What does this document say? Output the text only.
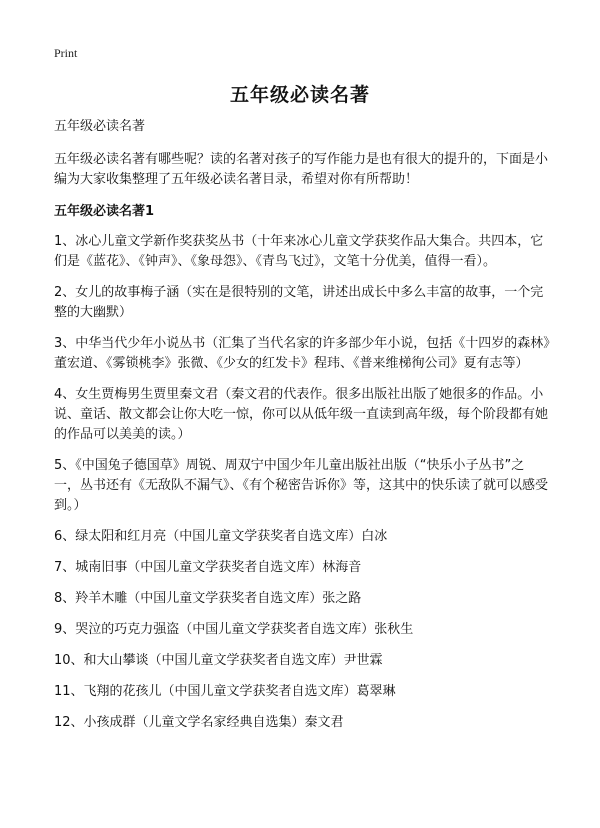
Print
五年级必读名著

五年级必读名著

五年级必读名著有哪些呢？读的名著对孩子的写作能力是也有很大的提升的，下面是小编为大家收集整理了五年级必读名著目录，希望对你有所帮助！

五年级必读名著1

1、冰心儿童文学新作奖获奖丛书（十年来冰心儿童文学获奖作品大集合。共四本，它们是《蓝花》、《钟声》、《象母怨》、《青鸟飞过》，文笔十分优美，值得一看）。
2、女儿的故事梅子涵（实在是很特别的文笔，讲述出成长中多么丰富的故事，一个完整的大幽默）
3、中华当代少年小说丛书（汇集了当代名家的许多部少年小说，包括《十四岁的森林》董宏道、《雾锁桃李》张微、《少女的红发卡》程玮、《普来维梯徇公司》夏有志等）
4、女生贾梅男生贾里秦文君（秦文君的代表作。很多出版社出版了她很多的作品。小说、童话、散文都会让你大吃一惊，你可以从低年级一直读到高年级，每个阶段都有她的作品可以美美的读。）
5、《中国兔子德国草》周锐、周双宁中国少年儿童出版社出版（“快乐小子丛书”之一，丛书还有《无敌队不漏气》、《有个秘密告诉你》等，这其中的快乐读了就可以感受到。）
6、绿太阳和红月亮（中国儿童文学获奖者自选文库）白冰
7、城南旧事（中国儿童文学获奖者自选文库）林海音
8、羚羊木雕（中国儿童文学获奖者自选文库）张之路
9、哭泣的巧克力强盗（中国儿童文学获奖者自选文库）张秋生
10、和大山攀谈（中国儿童文学获奖者自选文库）尹世霖
11、飞翔的花孩儿（中国儿童文学获奖者自选文库）葛翠琳
12、小孩成群（儿童文学名家经典自选集）秦文君
